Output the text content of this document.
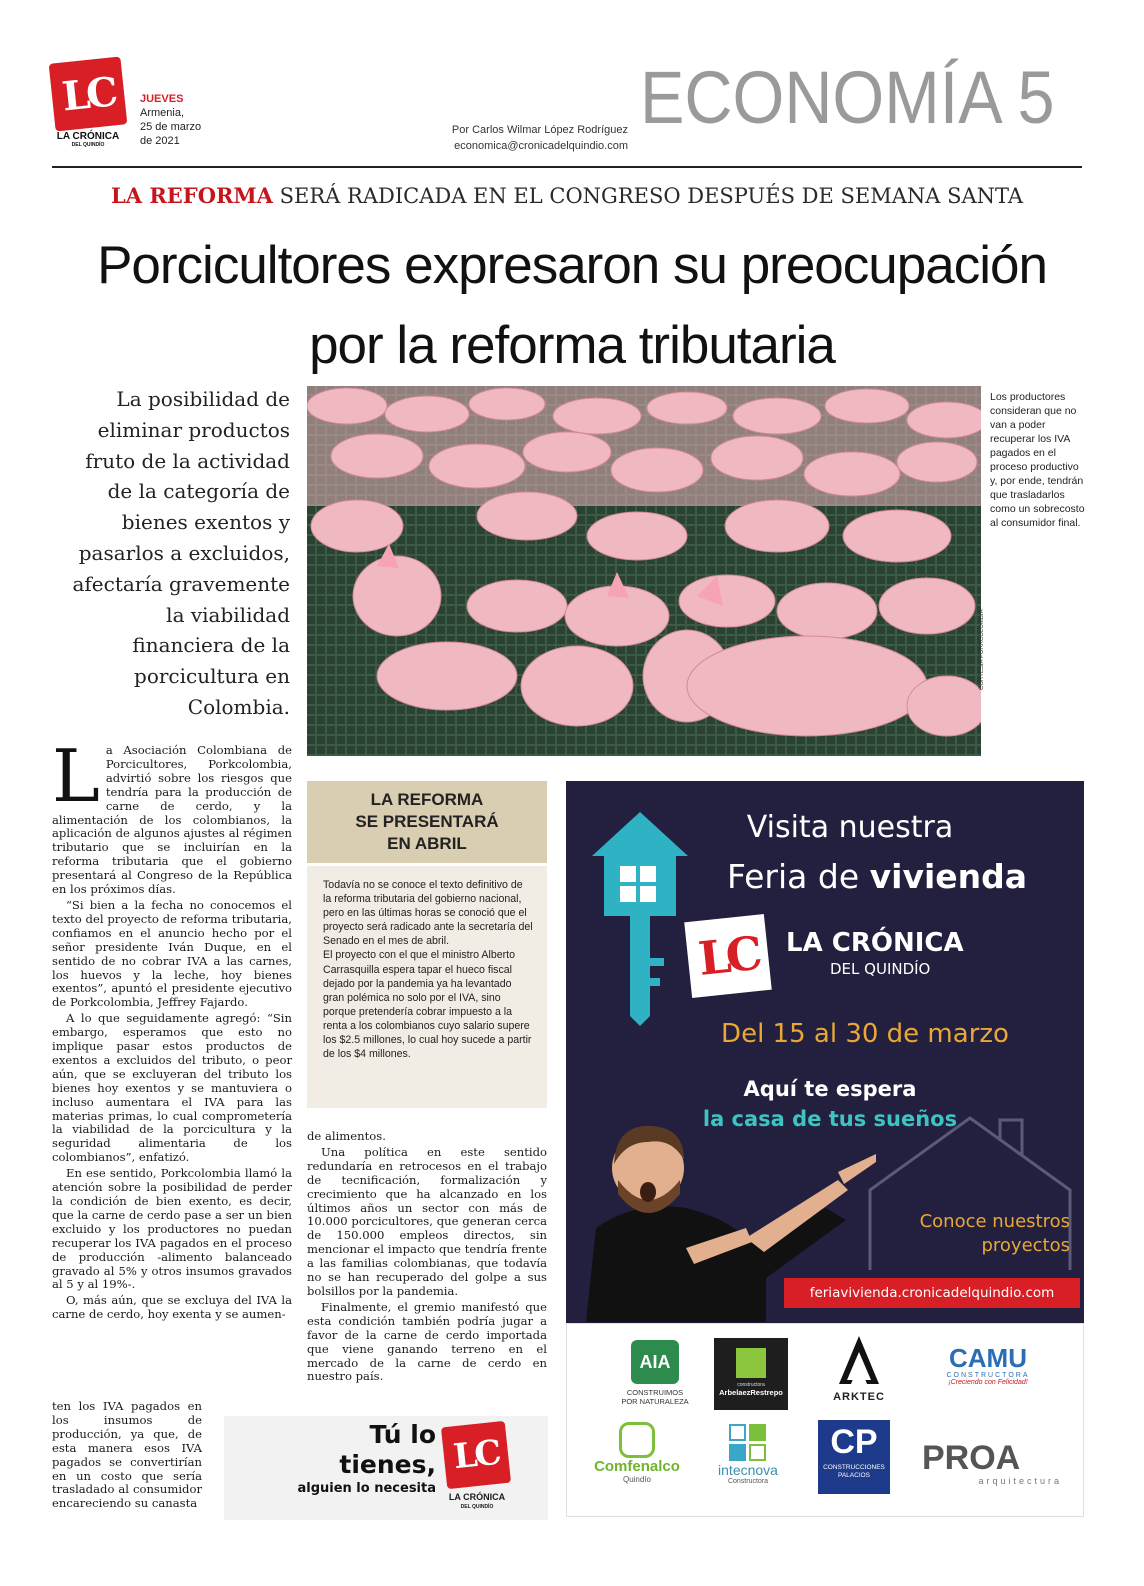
LC
LA CRÓNICA
DEL QUINDÍO
JUEVES
Armenia,
25 de marzo
de 2021
Por Carlos Wilmar López Rodríguez
economica@cronicadelquindio.com
ECONOMÍA 5
LA REFORMA SERÁ RADICADA EN EL CONGRESO DESPUÉS DE SEMANA SANTA
Porcicultores expresaron su preocupación
por la reforma tributaria
La posibilidad de eliminar productos fruto de la actividad de la categoría de bienes exentos y pasarlos a excluidos, afectaría gravemente la viabilidad financiera de la porcicultura en Colombia.
CORTESÍA PORKCOLOMBIA
Los productores consideran que no van a poder recuperar los IVA pagados en el proceso productivo y, por ende, tendrán que trasladarlos como un sobrecosto al consumidor final.

La Asociación Colombiana de Porcicultores, Porkcolombia, advirtió sobre los riesgos que tendría para la producción de carne de cerdo, y la alimentación de los colombianos, la aplicación de algunos ajustes al régimen tributario que se incluirían en la reforma tributaria que el gobierno presentará al Congreso de la República en los próximos días.

“Si bien a la fecha no conocemos el texto del proyecto de reforma tributaria, confiamos en el anuncio hecho por el señor presidente Iván Duque, en el sentido de no cobrar IVA a las carnes, los huevos y la leche, hoy bienes exentos”, apuntó el presidente ejecutivo de Porkcolombia, Jeffrey Fajardo.

A lo que seguidamente agregó: “Sin embargo, esperamos que esto no implique pasar estos productos de exentos a excluidos del tributo, o peor aún, que se excluyeran del tributo los bienes hoy exentos y se mantuviera o incluso aumentara el IVA para las materias primas, lo cual comprometería la viabilidad de la porcicultura y la seguridad alimentaria de los colombianos”, enfatizó.

En ese sentido, Porkcolombia llamó la atención sobre la posibilidad de perder la condición de bien exento, es decir, que la carne de cerdo pase a ser un bien excluido y los productores no puedan recuperar los IVA pagados en el proceso de producción -alimento balanceado gravado al 5% y otros insumos gravados al 5 y al 19%-.

O, más aún, que se excluya del IVA la carne de cerdo, hoy exenta y se aumen-

ten los IVA pagados en los insumos de producción, ya que, de esta manera esos IVA pagados se convertirían en un costo que sería trasladado al consumidor encareciendo su canasta
LA REFORMA
SE PRESENTARÁ
EN ABRIL

Todavía no se conoce el texto definitivo de la reforma tributaria del gobierno nacional, pero en las últimas horas se conoció que el proyecto será radicado ante la secretaría del Senado en el mes de abril.

El proyecto con el que el ministro Alberto Carrasquilla espera tapar el hueco fiscal dejado por la pandemia ya ha levantado gran polémica no solo por el IVA, sino porque pretendería cobrar impuesto a la renta a los colombianos cuyo salario supere los $2.5 millones, lo cual hoy sucede a partir de los $4 millones.

de alimentos.

Una política en este sentido redundaría en retrocesos en el trabajo de tecnificación, formalización y crecimiento que ha alcanzado en los últimos años un sector con más de 10.000 porcicultores, que generan cerca de 150.000 empleos directos, sin mencionar el impacto que tendría frente a las familias colombianas, que todavía no se han recuperado del golpe a sus bolsillos por la pandemia.

Finalmente, el gremio manifestó que esta condición también podría jugar a favor de la carne de cerdo importada que viene ganando terreno en el mercado de la carne de cerdo en nuestro país.

Tú lo
tienes,
alguien lo necesita
LC
LA CRÓNICA
DEL QUINDÍO
Visita nuestra
Feria de vivienda
LC LA CRÓNICA
DEL QUINDÍO
Del 15 al 30 de marzo
Aquí te espera
la casa de tus sueños
Conoce nuestros
proyectos
feriavivienda.cronicadelquindio.com
AIA
CONSTRUIMOS POR NATURALEZA
constructora
ArbelaezRestrepo	ARKTEC
CAMU
CONSTRUCTORA
¡Creciendo con Felicidad!
Comfenalco
Quindío
intecnova
Constructora
CP
CONSTRUCCIONES PALACIOS	PROA
arquitectura
